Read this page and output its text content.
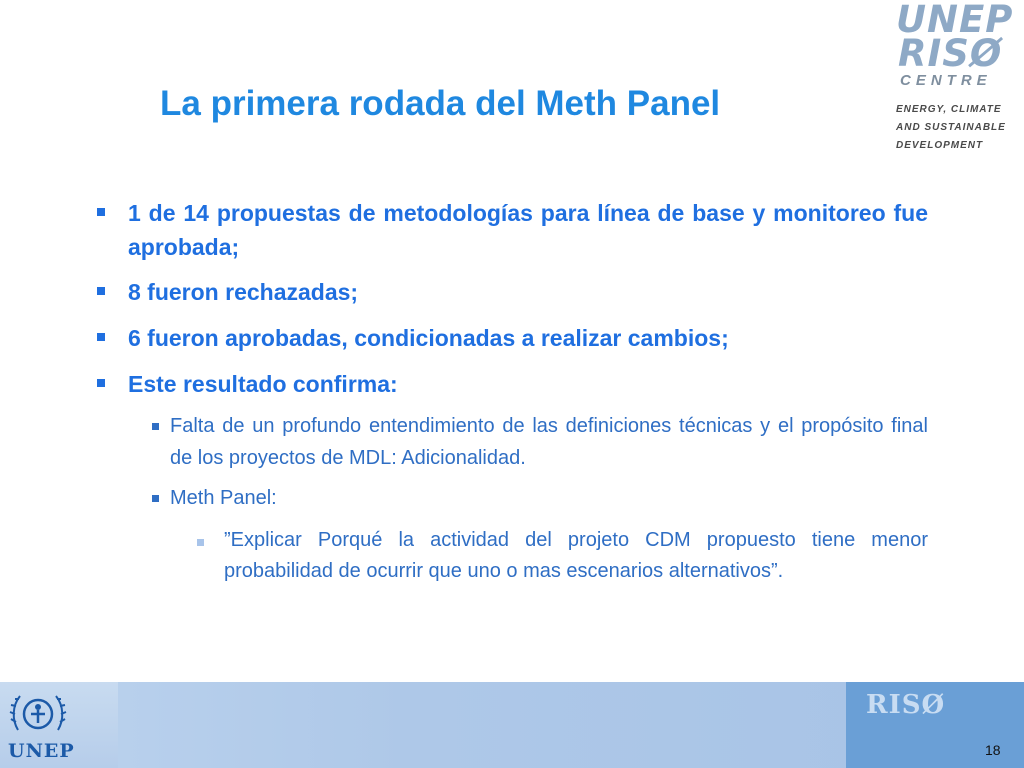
La primera rodada del Meth Panel
UNEP
RISØ
CENTRE
ENERGY, CLIMATE
AND SUSTAINABLE
DEVELOPMENT

1 de 14 propuestas de metodologías para línea de base y monitoreo fue aprobada;

8 fueron rechazadas;

6 fueron aprobadas, condicionadas a realizar cambios;

Este resultado confirma:

Falta de un profundo entendimiento de las definiciones técnicas y el propósito final de los proyectos de MDL: Adicionalidad.

Meth Panel:

”Explicar Porqué la actividad del projeto CDM propuesto tiene menor probabilidad de ocurrir que uno o mas escenarios alternativos”.

UNEP
RISØ
18
